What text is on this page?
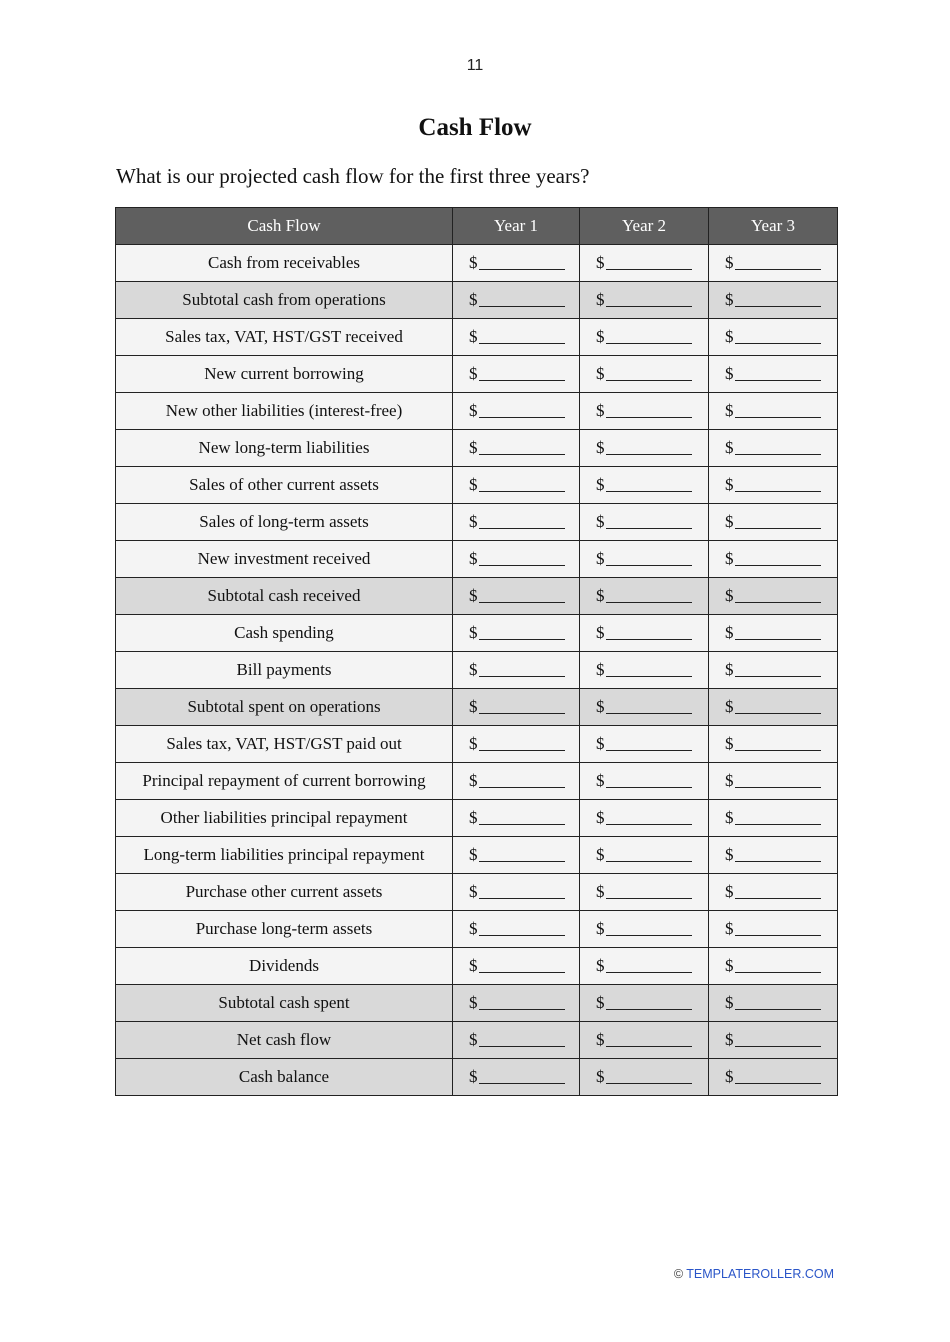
11
Cash Flow
What is our projected cash flow for the first three years?
Cash Flow	Year 1	Year 2	Year 3
Cash from receivables	$	$	$
Subtotal cash from operations	$	$	$
Sales tax, VAT, HST/GST received	$	$	$
New current borrowing	$	$	$
New other liabilities (interest-free)	$	$	$
New long-term liabilities	$	$	$
Sales of other current assets	$	$	$
Sales of long-term assets	$	$	$
New investment received	$	$	$
Subtotal cash received	$	$	$
Cash spending	$	$	$
Bill payments	$	$	$
Subtotal spent on operations	$	$	$
Sales tax, VAT, HST/GST paid out	$	$	$
Principal repayment of current borrowing	$	$	$
Other liabilities principal repayment	$	$	$
Long-term liabilities principal repayment	$	$	$
Purchase other current assets	$	$	$
Purchase long-term assets	$	$	$
Dividends	$	$	$
Subtotal cash spent	$	$	$
Net cash flow	$	$	$
Cash balance	$	$	$
© TEMPLATEROLLER.COM
